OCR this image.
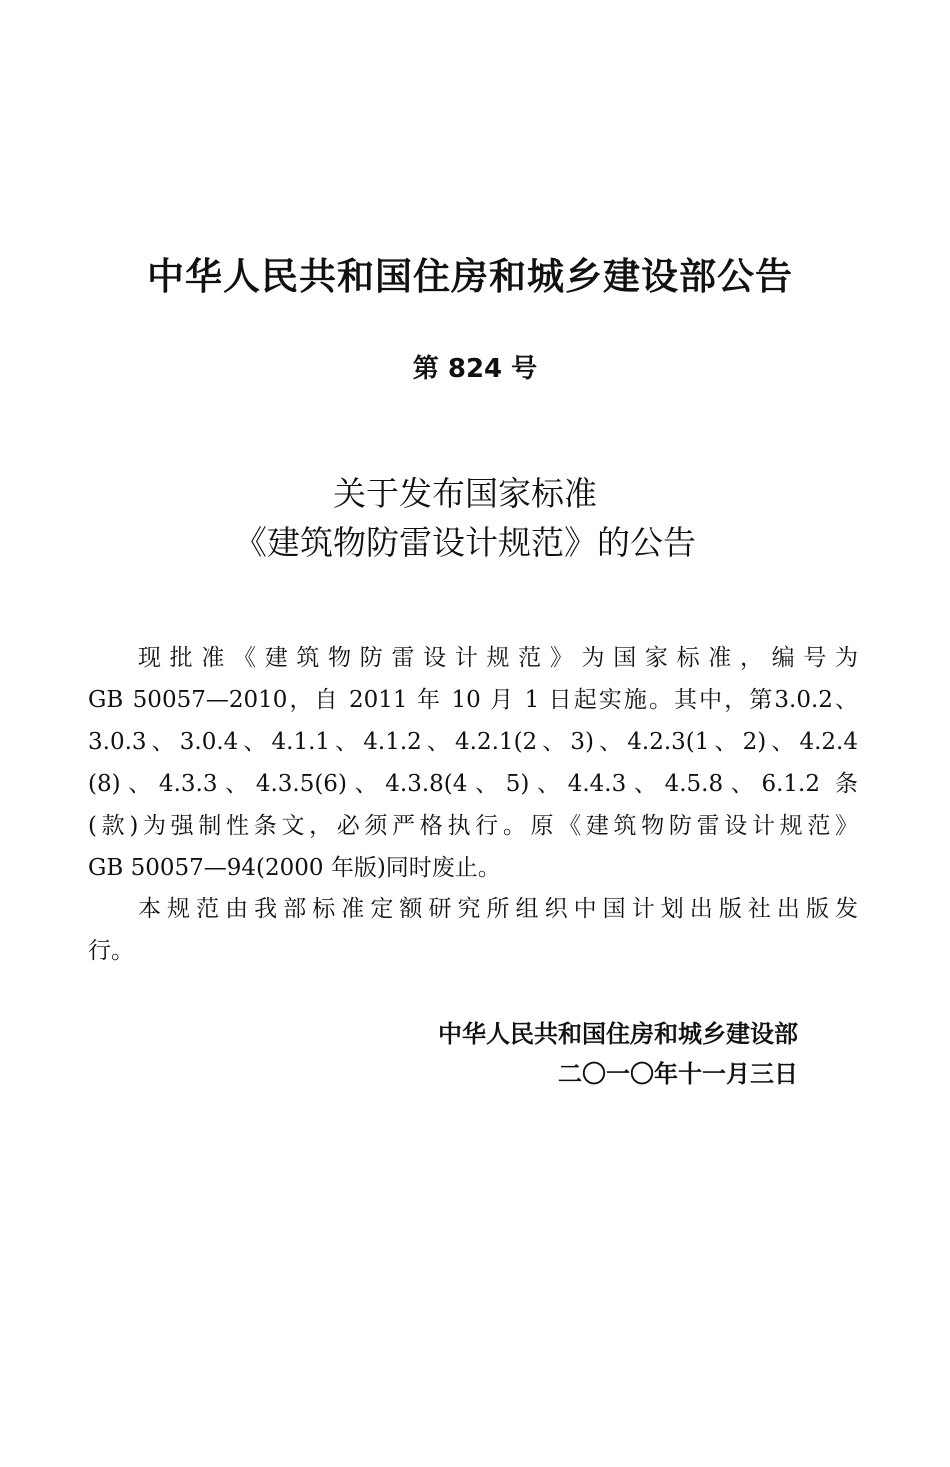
中华人民共和国住房和城乡建设部公告
第 824 号
关于发布国家标准
《建筑物防雷设计规范》的公告
现批准《建筑物防雷设计规范》为国家标准，编号为
GB 50057—2010，自 2011 年 10 月 1 日起实施。其中，第3.0.2、
3.0.3、3.0.4、4.1.1、4.1.2、4.2.1(2、3)、4.2.3(1、2)、4.2.4
(8)、4.3.3、4.3.5(6)、4.3.8(4、5)、4.4.3、4.5.8、6.1.2 条
(款)为强制性条文，必须严格执行。原《建筑物防雷设计规范》
GB 50057—94(2000 年版)同时废止。
本规范由我部标准定额研究所组织中国计划出版社出版发
行。
中华人民共和国住房和城乡建设部
二〇一〇年十一月三日
